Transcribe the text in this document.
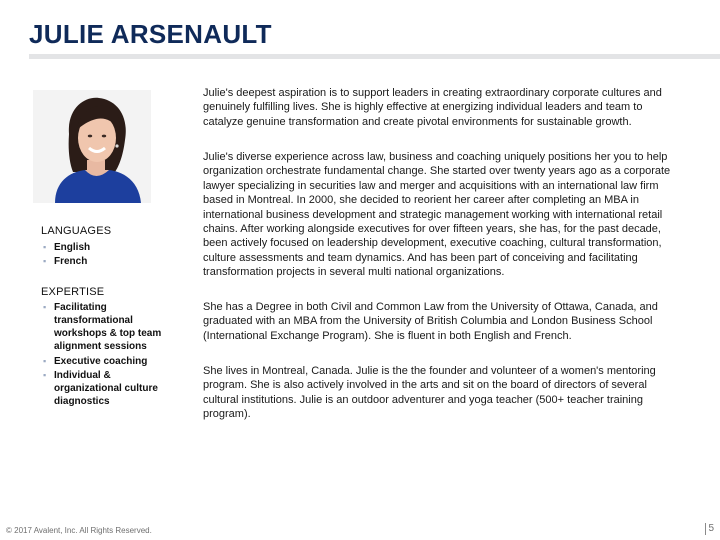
JULIE ARSENAULT
LANGUAGES
▪ English
▪ French
EXPERTISE
▪ Facilitating transformational workshops & top team alignment sessions
▪ Executive coaching
▪ Individual & organizational culture diagnostics

Julie's deepest aspiration is to support leaders in creating extraordinary corporate cultures and genuinely fulfilling lives. She is highly effective at energizing individual leaders and team to catalyze genuine transformation and create pivotal environments for sustainable growth.

Julie's diverse experience across law, business and coaching uniquely positions her you to help organization orchestrate fundamental change. She started over twenty years ago as a corporate lawyer specializing in securities law and merger and acquisitions with an international law firm based in Montreal. In 2000, she decided to reorient her career after completing an MBA in international business development and strategic management working with international retail chains. After working alongside executives for over fifteen years, she has, for the past decade, been actively focused on leadership development, executive coaching, cultural transformation, culture assessments and team dynamics. And has been part of conceiving and facilitating transformation projects in several multi national organizations.

She has a Degree in both Civil and Common Law from the University of Ottawa, Canada, and graduated with an MBA from the University of British Columbia and London Business School (International Exchange Program). She is fluent in both English and French.

She lives in Montreal, Canada. Julie is the the founder and volunteer of a women's mentoring program. She is also actively involved in the arts and sit on the board of directors of several cultural institutions. Julie is an outdoor adventurer and yoga teacher (500+ teacher training program).

© 2017 Avalent, Inc. All Rights Reserved.	5
